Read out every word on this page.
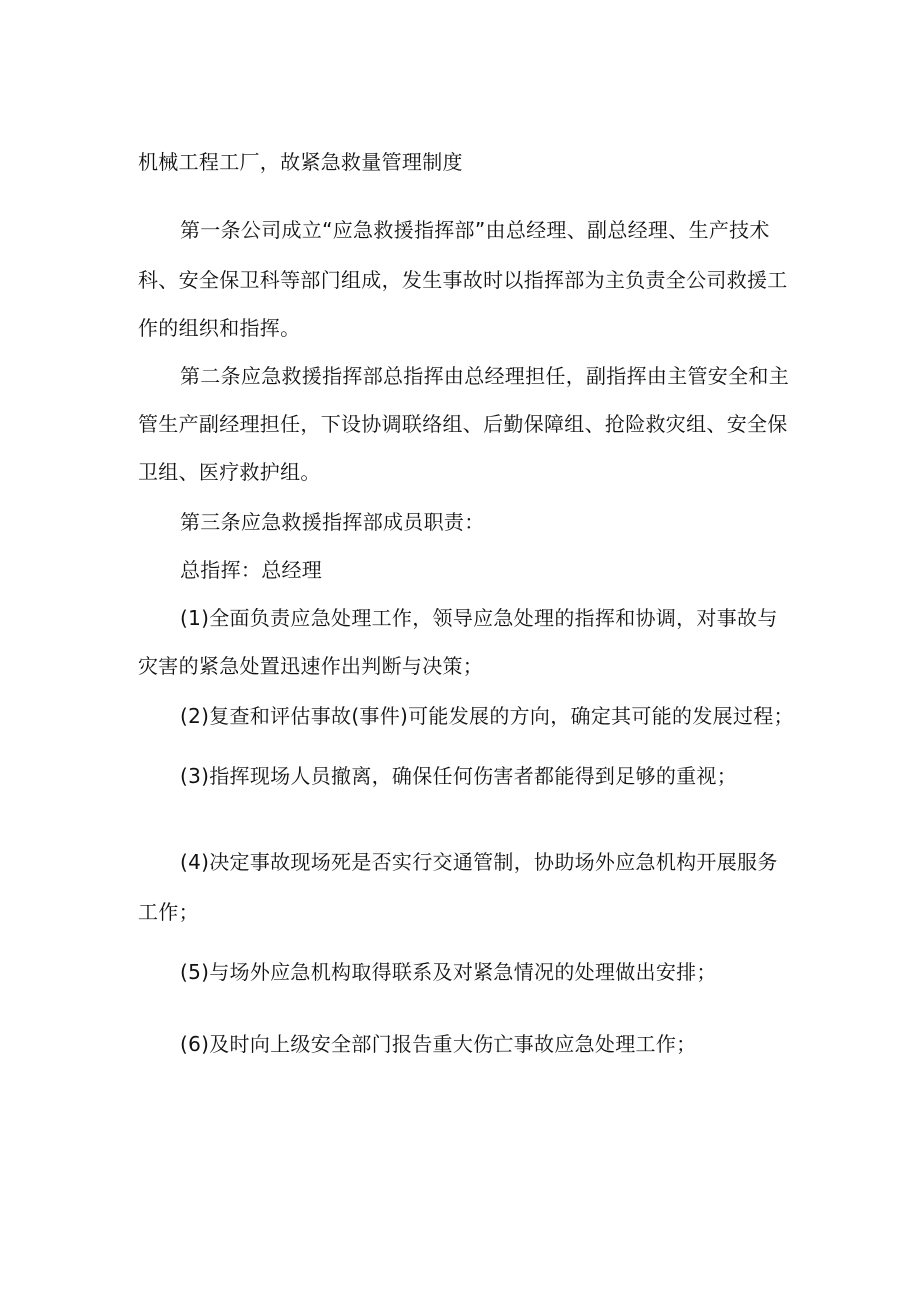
机械工程工厂，故紧急救量管理制度
第一条公司成立“应急救援指挥部”由总经理、副总经理、生产技术
科、安全保卫科等部门组成，发生事故时以指挥部为主负责全公司救援工
作的组织和指挥。
第二条应急救援指挥部总指挥由总经理担任，副指挥由主管安全和主
管生产副经理担任，下设协调联络组、后勤保障组、抢险救灾组、安全保
卫组、医疗救护组。
第三条应急救援指挥部成员职责：
总指挥：总经理
(1)全面负责应急处理工作，领导应急处理的指挥和协调，对事故与
灾害的紧急处置迅速作出判断与决策；
(2)复查和评估事故(事件)可能发展的方向，确定其可能的发展过程；
(3)指挥现场人员撤离，确保任何伤害者都能得到足够的重视；
(4)决定事故现场死是否实行交通管制，协助场外应急机构开展服务
工作；
(5)与场外应急机构取得联系及对紧急情况的处理做出安排；
(6)及时向上级安全部门报告重大伤亡事故应急处理工作；
